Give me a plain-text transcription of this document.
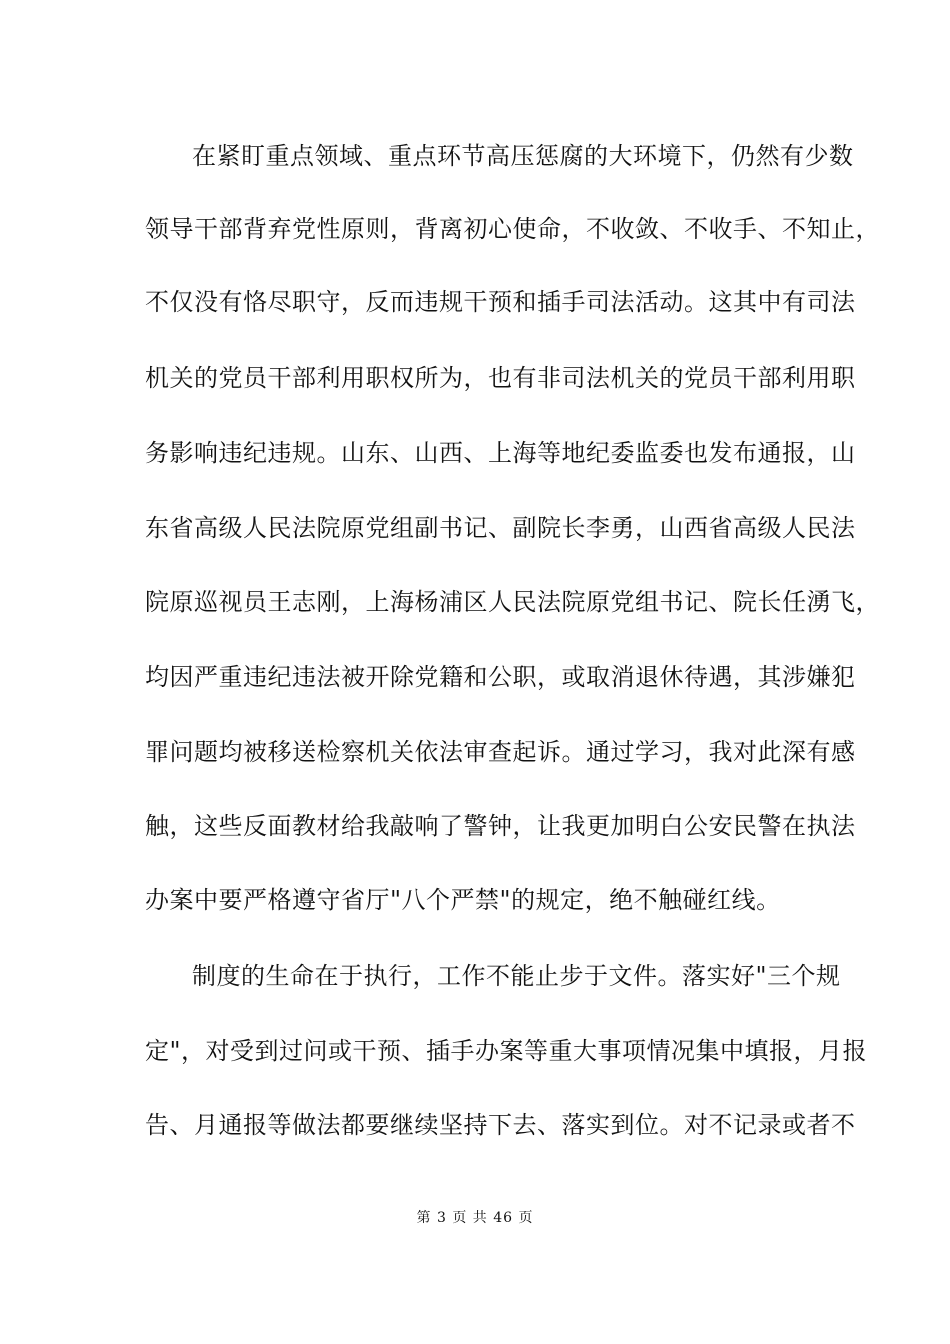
在紧盯重点领域、重点环节高压惩腐的大环境下，仍然有少数
领导干部背弃党性原则，背离初心使命，不收敛、不收手、不知止，
不仅没有恪尽职守，反而违规干预和插手司法活动。这其中有司法
机关的党员干部利用职权所为，也有非司法机关的党员干部利用职
务影响违纪违规。山东、山西、上海等地纪委监委也发布通报，山
东省高级人民法院原党组副书记、副院长李勇，山西省高级人民法
院原巡视员王志刚，上海杨浦区人民法院原党组书记、院长任湧飞，
均因严重违纪违法被开除党籍和公职，或取消退休待遇，其涉嫌犯
罪问题均被移送检察机关依法审查起诉。通过学习，我对此深有感
触，这些反面教材给我敲响了警钟，让我更加明白公安民警在执法
办案中要严格遵守省厅"八个严禁"的规定，绝不触碰红线。
制度的生命在于执行，工作不能止步于文件。落实好"三个规
定"，对受到过问或干预、插手办案等重大事项情况集中填报，月报
告、月通报等做法都要继续坚持下去、落实到位。对不记录或者不
第 3 页 共 46 页
